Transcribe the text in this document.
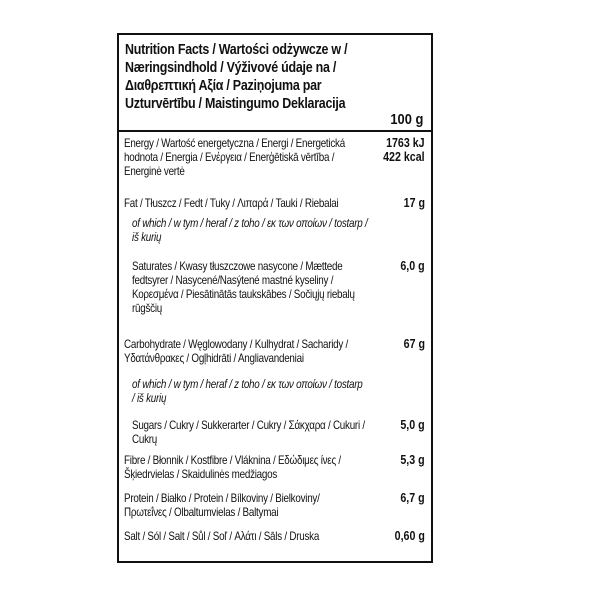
Nutrition Facts / Wartości odżywcze w /
Næringsindhold / Výživové údaje na /
Διαθρεπτική Αξία / Paziņojuma par
Uzturvērtību / Maistingumo Deklaracija
100 g
Energy / Wartość energetyczna / Energi / Energetická
hodnota / Energia / Ενέργεια / Enerģētiskā vērtība /
Energinė vertė
1763 kJ
422 kcal
Fat / Tłuszcz / Fedt / Tuky / Λιπαρά / Tauki / Riebalai	17 g
of which / w tym / heraf / z toho / εκ των οποίων / tostarp /
iš kurių
Saturates / Kwasy tłuszczowe nasycone / Mættede
fedtsyrer / Nasycené/Nasýtené mastné kyseliny /
Κορεσμένα / Piesātinātās taukskābes / Sočiųjų riebalų
rūgščių
6,0 g
Carbohydrate / Węglowodany / Kulhydrat / Sacharidy /
Υδατάνθρακες / Ogļhidrāti / Angliavandeniai
67 g
of which / w tym / heraf / z toho / εκ των οποίων / tostarp
/ iš kurių
Sugars / Cukry / Sukkerarter / Cukry / Σάκχαρα / Cukuri /
Cukrų
5,0 g
Fibre / Błonnik / Kostfibre / Vláknina / Εδώδιμες ίνες /
Šķiedrvielas / Skaidulinės medžiagos
5,3 g
Protein / Białko / Protein / Bílkoviny / Bielkoviny/
Πρωτεΐνες / Olbaltumvielas / Baltymai
6,7 g
Salt / Sól / Salt / Sůl / Soľ / Αλάτι / Sāls / Druska	0,60 g
